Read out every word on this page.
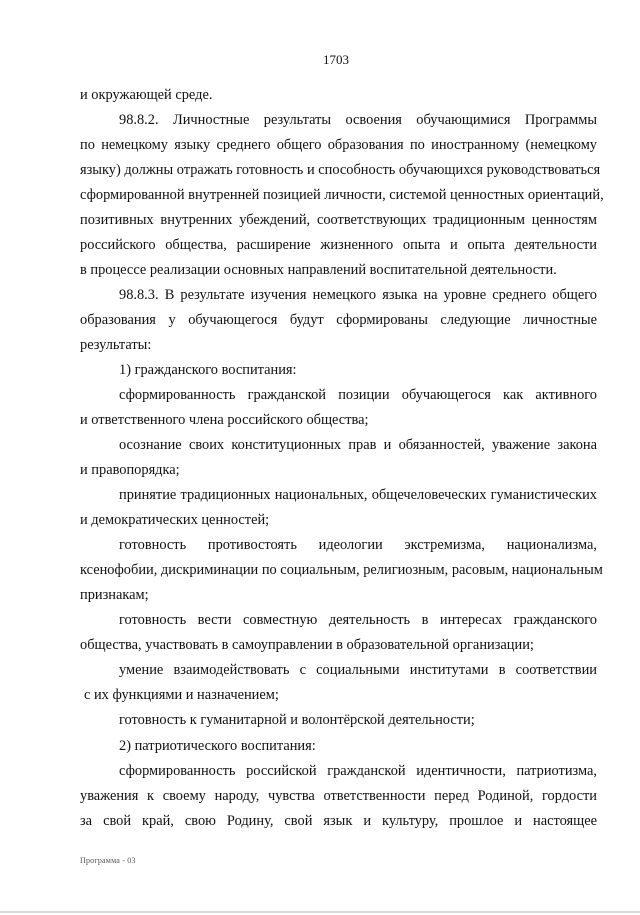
1703
и окружающей среде.
98.8.2. Личностные результаты освоения обучающимися Программы
по немецкому языку среднего общего образования по иностранному (немецкому
языку) должны отражать готовность и способность обучающихся руководствоваться
сформированной внутренней позицией личности, системой ценностных ориентаций,
позитивных внутренних убеждений, соответствующих традиционным ценностям
российского общества, расширение жизненного опыта и опыта деятельности
в процессе реализации основных направлений воспитательной деятельности.
98.8.3. В результате изучения немецкого языка на уровне среднего общего
образования у обучающегося будут сформированы следующие личностные
результаты:
1) гражданского воспитания:
сформированность гражданской позиции обучающегося как активного
и ответственного члена российского общества;
осознание своих конституционных прав и обязанностей, уважение закона
и правопорядка;
принятие традиционных национальных, общечеловеческих гуманистических
и демократических ценностей;
готовность противостоять идеологии экстремизма, национализма,
ксенофобии, дискриминации по социальным, религиозным, расовым, национальным
признакам;
готовность вести совместную деятельность в интересах гражданского
общества, участвовать в самоуправлении в образовательной организации;
умение взаимодействовать с социальными институтами в соответствии
с их функциями и назначением;
готовность к гуманитарной и волонтёрской деятельности;
2) патриотического воспитания:
сформированность российской гражданской идентичности, патриотизма,
уважения к своему народу, чувства ответственности перед Родиной, гордости
за свой край, свою Родину, свой язык и культуру, прошлое и настоящее
Программа - 03
